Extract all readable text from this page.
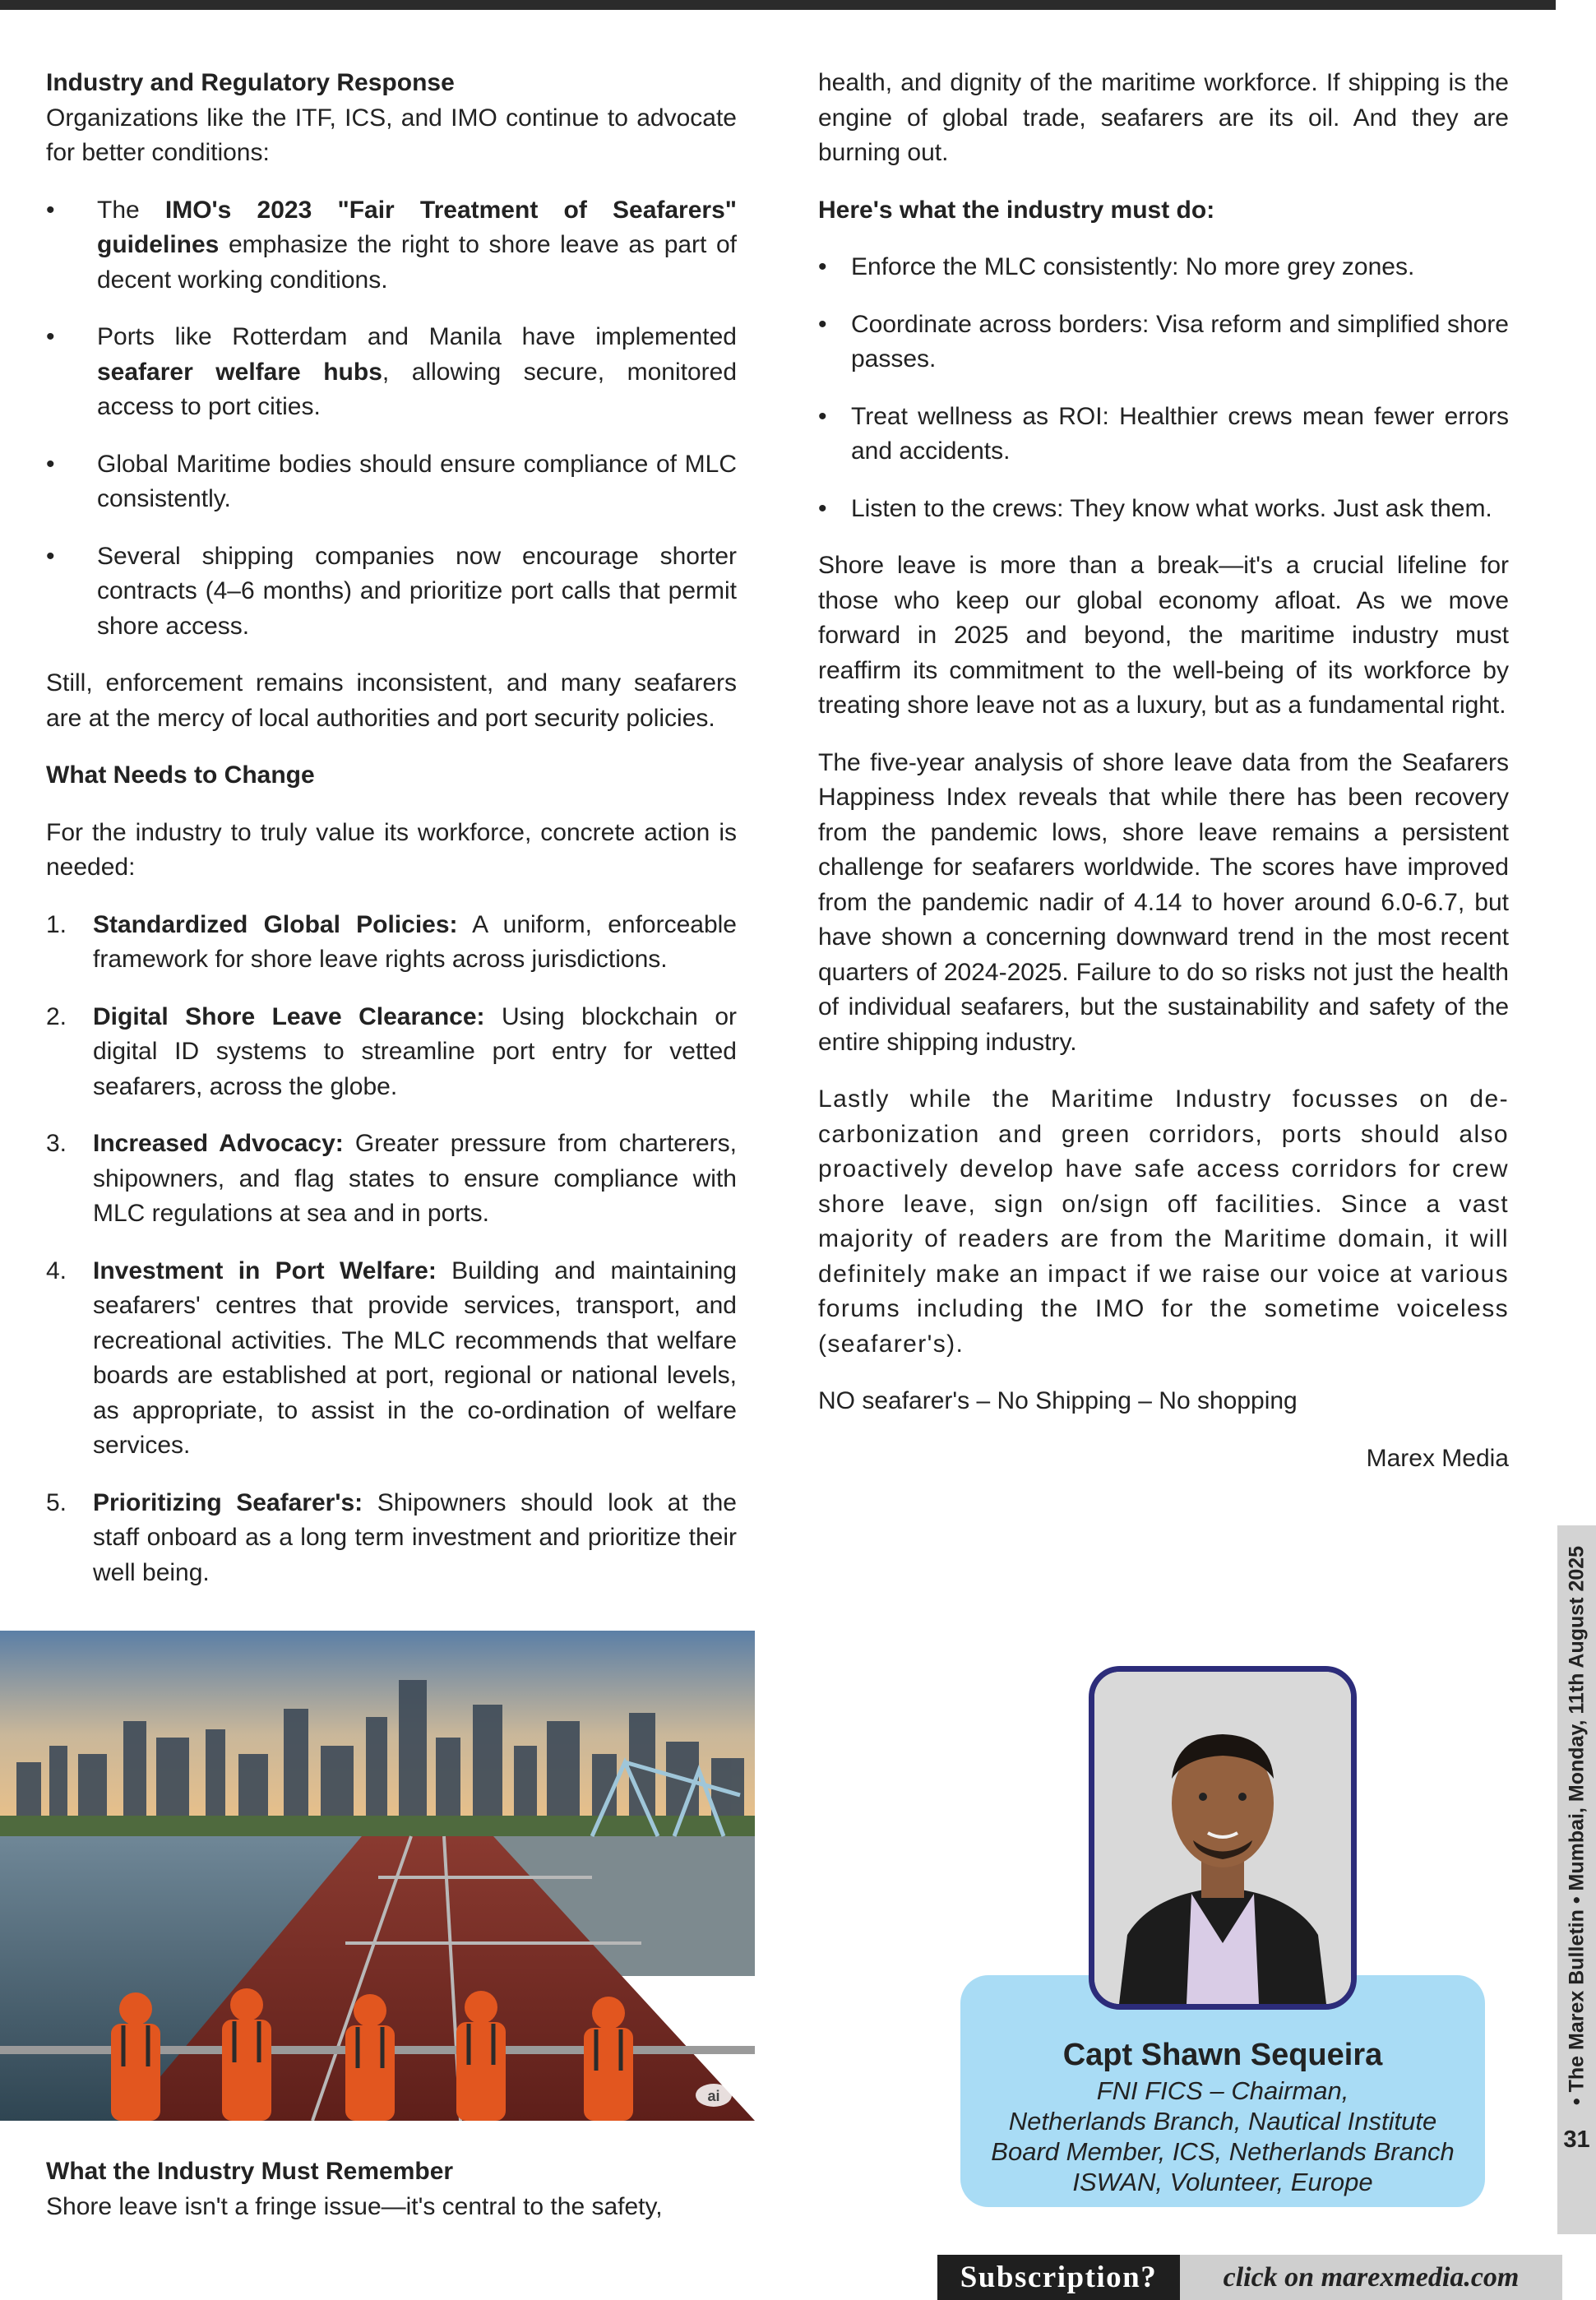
Industry and Regulatory Response

Organizations like the ITF, ICS, and IMO continue to advocate for better conditions:

•	The IMO's 2023 "Fair Treatment of Seafarers" guidelines emphasize the right to shore leave as part of decent working conditions.
•	Ports like Rotterdam and Manila have implemented seafarer welfare hubs, allowing secure, monitored access to port cities.
•	Global Maritime bodies should ensure compliance of MLC consistently.
•	Several shipping companies now encourage shorter contracts (4–6 months) and prioritize port calls that permit shore access.

Still, enforcement remains inconsistent, and many seafarers are at the mercy of local authorities and port security policies.

What Needs to Change

For the industry to truly value its workforce, concrete action is needed:

1. Standardized Global Policies: A uniform, enforceable framework for shore leave rights across jurisdictions.
2. Digital Shore Leave Clearance: Using blockchain or digital ID systems to streamline port entry for vetted seafarers, across the globe.
3. Increased Advocacy: Greater pressure from charterers, shipowners, and flag states to ensure compliance with MLC regulations at sea and in ports.
4. Investment in Port Welfare: Building and maintaining seafarers' centres that provide services, transport, and recreational activities. The MLC recommends that welfare boards are established at port, regional or national levels, as appropriate, to assist in the co-ordination of welfare services.
5. Prioritizing Seafarer's: Shipowners should look at the staff onboard as a long term investment and prioritize their well being.

health, and dignity of the maritime workforce. If shipping is the engine of global trade, seafarers are its oil. And they are burning out.

Here's what the industry must do:

• Enforce the MLC consistently: No more grey zones.
• Coordinate across borders: Visa reform and simplified shore passes.
• Treat wellness as ROI: Healthier crews mean fewer errors and accidents.
• Listen to the crews: They know what works. Just ask them.

Shore leave is more than a break—it's a crucial lifeline for those who keep our global economy afloat. As we move forward in 2025 and beyond, the maritime industry must reaffirm its commitment to the well-being of its workforce by treating shore leave not as a luxury, but as a fundamental right.

The five-year analysis of shore leave data from the Seafarers Happiness Index reveals that while there has been recovery from the pandemic lows, shore leave remains a persistent challenge for seafarers worldwide. The scores have improved from the pandemic nadir of 4.14 to hover around 6.0-6.7, but have shown a concerning downward trend in the most recent quarters of 2024-2025. Failure to do so risks not just the health of individual seafarers, but the sustainability and safety of the entire shipping industry.

Lastly while the Maritime Industry focusses on de-carbonization and green corridors, ports should also proactively develop have safe access corridors for crew shore leave, sign on/sign off facilities. Since a vast majority of readers are from the Maritime domain, it will definitely make an impact if we raise our voice at various forums including the IMO for the sometime voiceless (seafarer's).

NO seafarer's – No Shipping – No shopping

Marex Media

ai

What the Industry Must Remember

Shore leave isn't a fringe issue—it's central to the safety,

Capt Shawn Sequeira
FNI FICS – Chairman,
Netherlands Branch, Nautical Institute
Board Member, ICS, Netherlands Branch
ISWAN, Volunteer, Europe
• The Marex Bulletin • Mumbai, Monday, 11th August 2025
31
Subscription?	click on marexmedia.com
